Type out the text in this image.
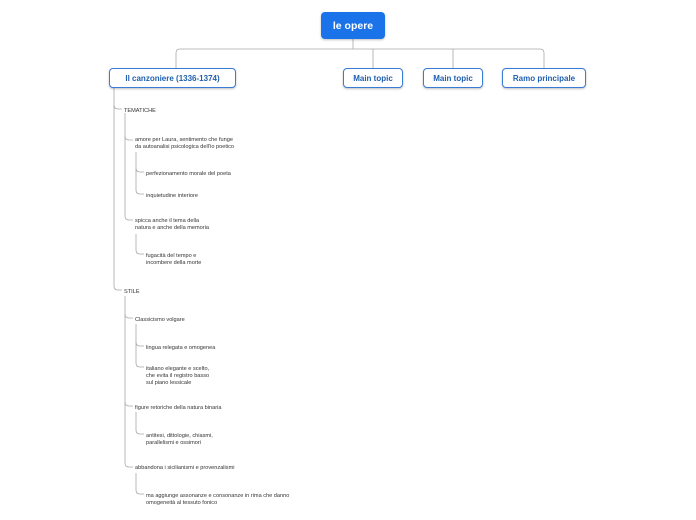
le opere
Il canzoniere (1336-1374)	Main topic	Main topic	Ramo principale

TEMATICHE

amore per Laura, sentimento che funge
da autoanalisi psicologica dell'io poetico

perfezionamento morale del poeta

inquietudine interiore

spicca anche il tema della
natura e anche della memoria

fugacità del tempo e
incombere della morte

STILE

Classicismo volgare

lingua relegata e omogenea

italiano elegante e scelto,
che evita il registro basso
sul piano lessicale

figure retoriche della natura binaria

antitesi, dittologie, chiasmi,
parallelismi e ossimori

abbandona i sicilianismi e provenzalismi

ma aggiunge assonanze e consonanze in rima che danno
omogeneità al tessuto fonico
